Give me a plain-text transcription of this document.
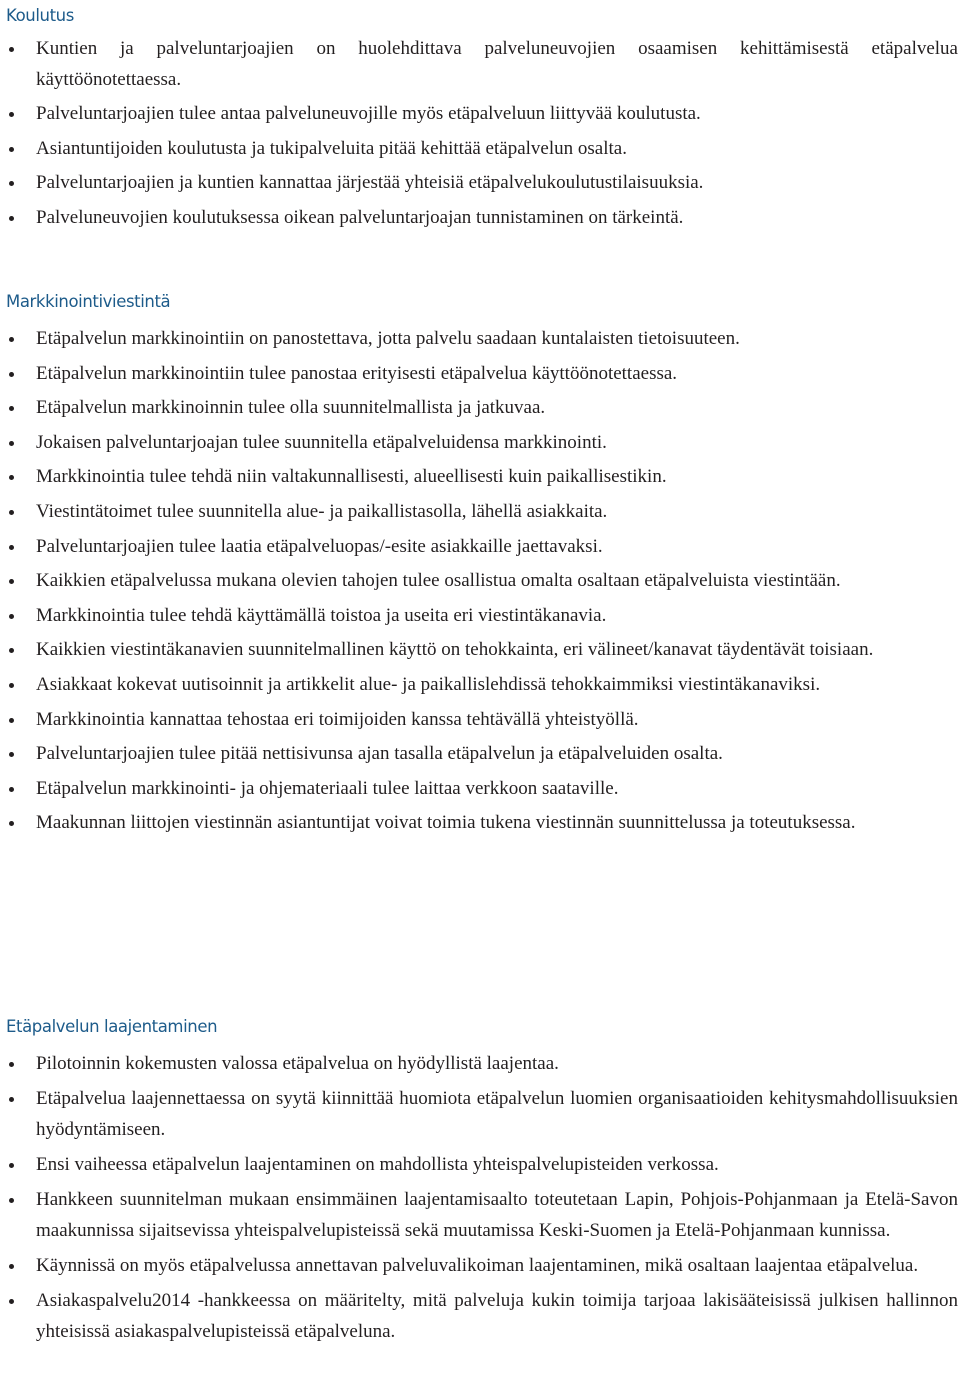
Koulutus
Kuntien ja palveluntarjoajien on huolehdittava palveluneuvojien osaamisen kehittämisestä etäpalvelua käyttöönotettaessa.
Palveluntarjoajien tulee antaa palveluneuvojille myös etäpalveluun liittyvää koulutusta.
Asiantuntijoiden koulutusta ja tukipalveluita pitää kehittää etäpalvelun osalta.
Palveluntarjoajien ja kuntien kannattaa järjestää yhteisiä etäpalvelukoulutustilaisuuksia.
Palveluneuvojien koulutuksessa oikean palveluntarjoajan tunnistaminen on tärkeintä.
Markkinointiviestintä
Etäpalvelun markkinointiin on panostettava, jotta palvelu saadaan kuntalaisten tietoisuuteen.
Etäpalvelun markkinointiin tulee panostaa erityisesti etäpalvelua käyttöönotettaessa.
Etäpalvelun markkinoinnin tulee olla suunnitelmallista ja jatkuvaa.
Jokaisen palveluntarjoajan tulee suunnitella etäpalveluidensa markkinointi.
Markkinointia tulee tehdä niin valtakunnallisesti, alueellisesti kuin paikallisestikin.
Viestintätoimet tulee suunnitella alue- ja paikallistasolla, lähellä asiakkaita.
Palveluntarjoajien tulee laatia etäpalveluopas/-esite asiakkaille jaettavaksi.
Kaikkien etäpalvelussa mukana olevien tahojen tulee osallistua omalta osaltaan etäpalveluista viestintään.
Markkinointia tulee tehdä käyttämällä toistoa ja useita eri viestintäkanavia.
Kaikkien viestintäkanavien suunnitelmallinen käyttö on tehokkainta, eri välineet/kanavat täydentävät toisiaan.
Asiakkaat kokevat uutisoinnit ja artikkelit alue- ja paikallislehdissä tehokkaimmiksi viestintäkanaviksi.
Markkinointia kannattaa tehostaa eri toimijoiden kanssa tehtävällä yhteistyöllä.
Palveluntarjoajien tulee pitää nettisivunsa ajan tasalla etäpalvelun ja etäpalveluiden osalta.
Etäpalvelun markkinointi- ja ohjemateriaali tulee laittaa verkkoon saataville.
Maakunnan liittojen viestinnän asiantuntijat voivat toimia tukena viestinnän suunnittelussa ja toteutuksessa.
Etäpalvelun laajentaminen
Pilotoinnin kokemusten valossa etäpalvelua on hyödyllistä laajentaa.
Etäpalvelua laajennettaessa on syytä kiinnittää huomiota etäpalvelun luomien organisaatioiden kehitysmahdollisuuksien hyödyntämiseen.
Ensi vaiheessa etäpalvelun laajentaminen on mahdollista yhteispalvelupisteiden verkossa.
Hankkeen suunnitelman mukaan ensimmäinen laajentamisaalto toteutetaan Lapin, Pohjois-Pohjanmaan ja Etelä-Savon maakunnissa sijaitsevissa yhteispalvelupisteissä sekä muutamissa Keski-Suomen ja Etelä-Pohjanmaan kunnissa.
Käynnissä on myös etäpalvelussa annettavan palveluvalikoiman laajentaminen, mikä osaltaan laajentaa etäpalvelua.
Asiakaspalvelu2014 -hankkeessa on määritelty, mitä palveluja kukin toimija tarjoaa lakisääteisissä julkisen hallinnon yhteisissä asiakaspalvelupisteissä etäpalveluna.
